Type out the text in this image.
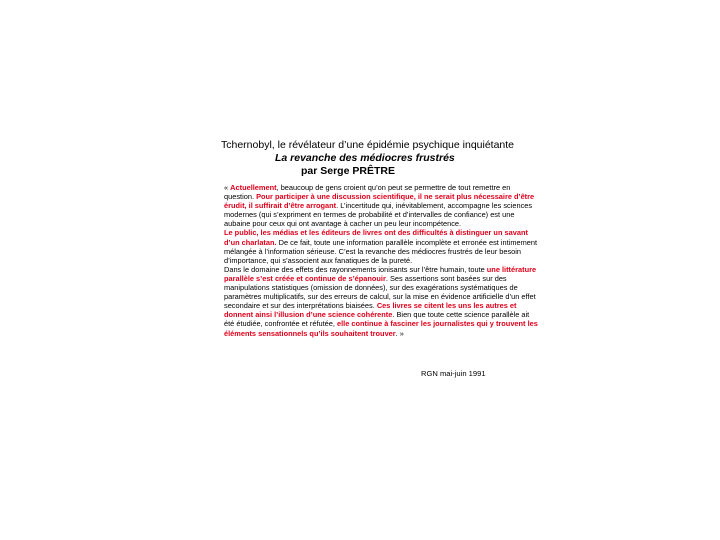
Tchernobyl, le révélateur d’une épidémie psychique inquiétante
La revanche des médiocres frustrés
par Serge PRÊTRE

« Actuellement, beaucoup de gens croient qu’on peut se permettre de tout remettre en question. Pour participer à une discussion scientifique, il ne serait plus nécessaire d’être érudit, il suffirait d’être arrogant. L’incertitude qui, inévitablement, accompagne les sciences modernes (qui s’expriment en termes de probabilité et d’intervalles de confiance) est une aubaine pour ceux qui ont avantage à cacher un peu leur incompétence.

Le public, les médias et les éditeurs de livres ont des difficultés à distinguer un savant d’un charlatan. De ce fait, toute une information parallèle incomplète et erronée est intimement mélangée à l’information sérieuse. C’est la revanche des médiocres frustrés de leur besoin d’importance, qui s’associent aux fanatiques de la pureté.

Dans le domaine des effets des rayonnements ionisants sur l’être humain, toute une littérature parallèle s’est créée et continue de s’épanouir. Ses assertions sont basées sur des manipulations statistiques (omission de données), sur des exagérations systématiques de paramètres multiplicatifs, sur des erreurs de calcul, sur la mise en évidence artificielle d’un effet secondaire et sur des interprétations biaisées. Ces livres se citent les uns les autres et donnent ainsi l’illusion d’une science cohérente. Bien que toute cette science parallèle ait été étudiée, confrontée et réfutée, elle continue à fasciner les journalistes qui y trouvent les éléments sensationnels qu’ils souhaitent trouver. »

RGN mai-juin 1991
